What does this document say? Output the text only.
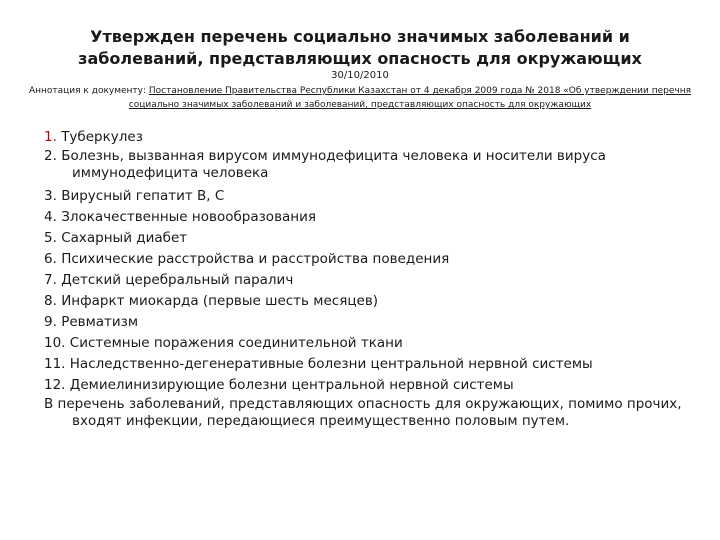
Утвержден перечень социально значимых заболеваний и заболеваний, представляющих опасность для окружающих
30/10/2010
Аннотация к документу: Постановление Правительства Республики Казахстан от 4 декабря 2009 года № 2018 «Об утверждении перечня социально значимых заболеваний и заболеваний, представляющих опасность для окружающих
1. Туберкулез
2. Болезнь, вызванная вирусом иммунодефицита человека и носители вируса иммунодефицита человека
3. Вирусный гепатит В, С
4. Злокачественные новообразования
5. Сахарный диабет
6. Психические расстройства и расстройства поведения
7. Детский церебральный паралич
8. Инфаркт миокарда (первые шесть месяцев)
9. Ревматизм
10. Системные поражения соединительной ткани
11. Наследственно-дегенеративные болезни центральной нервной системы
12. Демиелинизирующие болезни центральной нервной системы
В перечень заболеваний, представляющих опасность для окружающих, помимо прочих, входят инфекции, передающиеся преимущественно половым путем.
